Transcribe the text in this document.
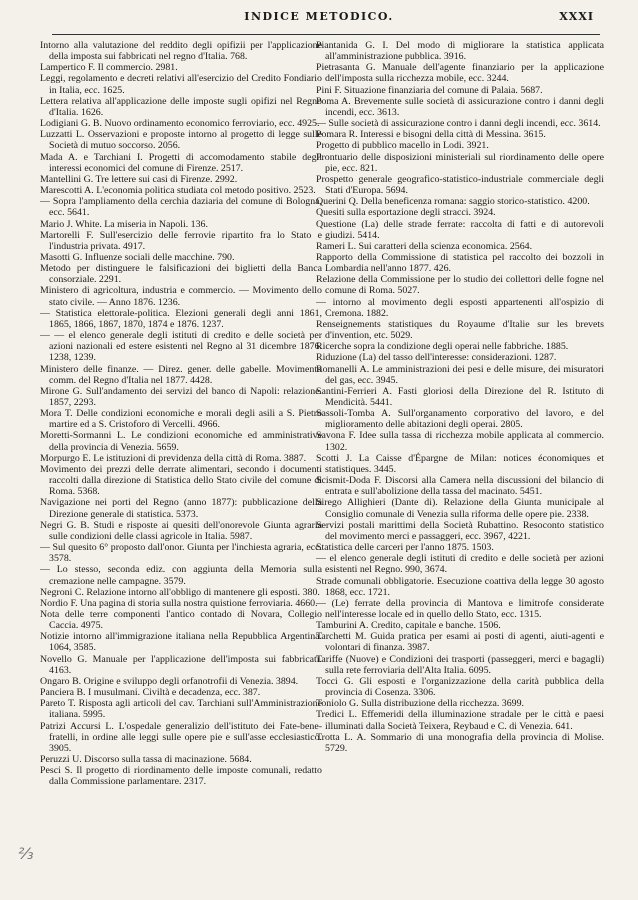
INDICE METODICO.	XXXI

Intorno alla valutazione del reddito degli opifizii per l'applicazione della imposta sui fabbricati nel regno d'Italia. 768.

Lampertico F. Il commercio. 2981.

Leggi, regolamento e decreti relativi all'esercizio del Credito Fondiario in Italia, ecc. 1625.

Lettera relativa all'applicazione delle imposte sugli opifizi nel Regno d'Italia. 1626.

Lodigiani G. B. Nuovo ordinamento economico ferroviario, ecc. 4925.

Luzzatti L. Osservazioni e proposte intorno al progetto di legge sulle Società di mutuo soccorso. 2056.

Mada A. e Tarchiani I. Progetti di accomodamento stabile degli interessi economici del comune di Firenze. 2517.

Mantellini G. Tre lettere sui casi di Firenze. 2992.

Marescotti A. L'economia politica studiata col metodo positivo. 2523.

— Sopra l'ampliamento della cerchia daziaria del comune di Bologna, ecc. 5641.

Mario J. White. La miseria in Napoli. 136.

Martorelli F. Sull'esercizio delle ferrovie ripartito fra lo Stato e l'industria privata. 4917.

Masotti G. Influenze sociali delle macchine. 790.

Metodo per distinguere le falsificazioni dei biglietti della Banca consorziale. 2291.

Ministero di agricoltura, industria e commercio. — Movimento dello stato civile. — Anno 1876. 1236.

— Statistica elettorale-politica. Elezioni generali degli anni 1861, 1865, 1866, 1867, 1870, 1874 e 1876. 1237.

— — el elenco generale degli istituti di credito e delle società per azioni nazionali ed estere esistenti nel Regno al 31 dicembre 1876. 1238, 1239.

Ministero delle finanze. — Direz. gener. delle gabelle. Movimento comm. del Regno d'Italia nel 1877. 4428.

Mirone G. Sull'andamento dei servizi del banco di Napoli: relazione. 1857, 2293.

Mora T. Delle condizioni economiche e morali degli asili a S. Pietro martire ed a S. Cristoforo di Vercelli. 4966.

Moretti-Sormanni L. Le condizioni economiche ed amministrative della provincia di Venezia. 5659.

Morpurgo E. Le istituzioni di previdenza della città di Roma. 3887.

Movimento dei prezzi delle derrate alimentari, secondo i documenti raccolti dalla direzione di Statistica dello Stato civile del comune di Roma. 5368.

Navigazione nei porti del Regno (anno 1877): pubblicazione della Direzione generale di statistica. 5373.

Negri G. B. Studi e risposte ai quesiti dell'onorevole Giunta agraria sulle condizioni delle classi agricole in Italia. 5987.

— Sul quesito 6° proposto dall'onor. Giunta per l'inchiesta agraria, ecc. 3578.

— Lo stesso, seconda ediz. con aggiunta della Memoria sulla cremazione nelle campagne. 3579.

Negroni C. Relazione intorno all'obbligo di mantenere gli esposti. 380.

Nordio F. Una pagina di storia sulla nostra quistione ferroviaria. 4660.

Nota delle terre componenti l'antico contado di Novara, Collegio Caccia. 4975.

Notizie intorno all'immigrazione italiana nella Repubblica Argentina. 1064, 3585.

Novello G. Manuale per l'applicazione dell'imposta sui fabbricati. 4163.

Ongaro B. Origine e sviluppo degli orfanotrofii di Venezia. 3894.

Panciera B. I musulmani. Civiltà e decadenza, ecc. 387.

Pareto T. Risposta agli articoli del cav. Tarchiani sull'Amministrazione italiana. 5995.

Patrizi Accursi L. L'ospedale generalizio dell'istituto dei Fate-bene-fratelli, in ordine alle leggi sulle opere pie e sull'asse ecclesiastico. 3905.

Peruzzi U. Discorso sulla tassa di macinazione. 5684.

Pesci S. Il progetto di riordinamento delle imposte comunali, redatto dalla Commissione parlamentare. 2317.

Piantanida G. I. Del modo di migliorare la statistica applicata all'amministrazione pubblica. 3916.

Pietrasanta G. Manuale dell'agente finanziario per la applicazione dell'imposta sulla ricchezza mobile, ecc. 3244.

Pini F. Situazione finanziaria del comune di Palaia. 5687.

Poma A. Brevemente sulle società di assicurazione contro i danni degli incendi, ecc. 3613.

— Sulle società di assicurazione contro i danni degli incendi, ecc. 3614.

Pomara R. Interessi e bisogni della città di Messina. 3615.

Progetto di pubblico macello in Lodi. 3921.

Prontuario delle disposizioni ministeriali sul riordinamento delle opere pie, ecc. 821.

Prospetto generale geografico-statistico-industriale commerciale degli Stati d'Europa. 5694.

Querini Q. Della beneficenza romana: saggio storico-statistico. 4200.

Quesiti sulla esportazione degli stracci. 3924.

Questione (La) delle strade ferrate: raccolta di fatti e di autorevoli giudizi. 5414.

Rameri L. Sui caratteri della scienza economica. 2564.

Rapporto della Commissione di statistica pel raccolto dei bozzoli in Lombardia nell'anno 1877. 426.

Relazione della Commissione per lo studio dei collettori delle fogne nel comune di Roma. 5027.

— intorno al movimento degli esposti appartenenti all'ospizio di Cremona. 1882.

Renseignements statistiques du Royaume d'Italie sur les brevets d'invention, etc. 5029.

Ricerche sopra la condizione degli operai nelle fabbriche. 1885.

Riduzione (La) del tasso dell'interesse: considerazioni. 1287.

Romanelli A. Le amministrazioni dei pesi e delle misure, dei misuratori del gas, ecc. 3945.

Santini-Ferrieri A. Fasti gloriosi della Direzione del R. Istituto di Mendicità. 5441.

Sassoli-Tomba A. Sull'organamento corporativo del lavoro, e del miglioramento delle abitazioni degli operai. 2805.

Savona F. Idee sulla tassa di ricchezza mobile applicata al commercio. 1302.

Scotti J. La Caisse d'Épargne de Milan: notices économiques et statistiques. 3445.

Scismit-Doda F. Discorsi alla Camera nella discussioni del bilancio di entrata e sull'abolizione della tassa del macinato. 5451.

Sirego Allighieri (Dante di). Relazione della Giunta municipale al Consiglio comunale di Venezia sulla riforma delle opere pie. 2338.

Servizi postali marittimi della Società Rubattino. Resoconto statistico del movimento merci e passaggeri, ecc. 3967, 4221.

Statistica delle carceri per l'anno 1875. 1503.

— el elenco generale degli istituti di credito e delle società per azioni esistenti nel Regno. 990, 3674.

Strade comunali obbligatorie. Esecuzione coattiva della legge 30 agosto 1868, ecc. 1721.

— (Le) ferrate della provincia di Mantova e limitrofe considerate nell'interesse locale ed in quello dello Stato, ecc. 1315.

Tamburini A. Credito, capitale e banche. 1506.

Tarchetti M. Guida pratica per esami ai posti di agenti, aiuti-agenti e volontari di finanza. 3987.

Tariffe (Nuove) e Condizioni dei trasporti (passeggeri, merci e bagagli) sulla rete ferroviaria dell'Alta Italia. 6095.

Tocci G. Gli esposti e l'organizzazione della carità pubblica della provincia di Cosenza. 3306.

Toniolo G. Sulla distribuzione della ricchezza. 3699.

Tredici L. Effemeridi della illuminazione stradale per le città e paesi illuminati dalla Società Teixera, Reybaud e C. di Venezia. 641.

Trotta L. A. Sommario di una monografia della provincia di Molise. 5729.

⅔
